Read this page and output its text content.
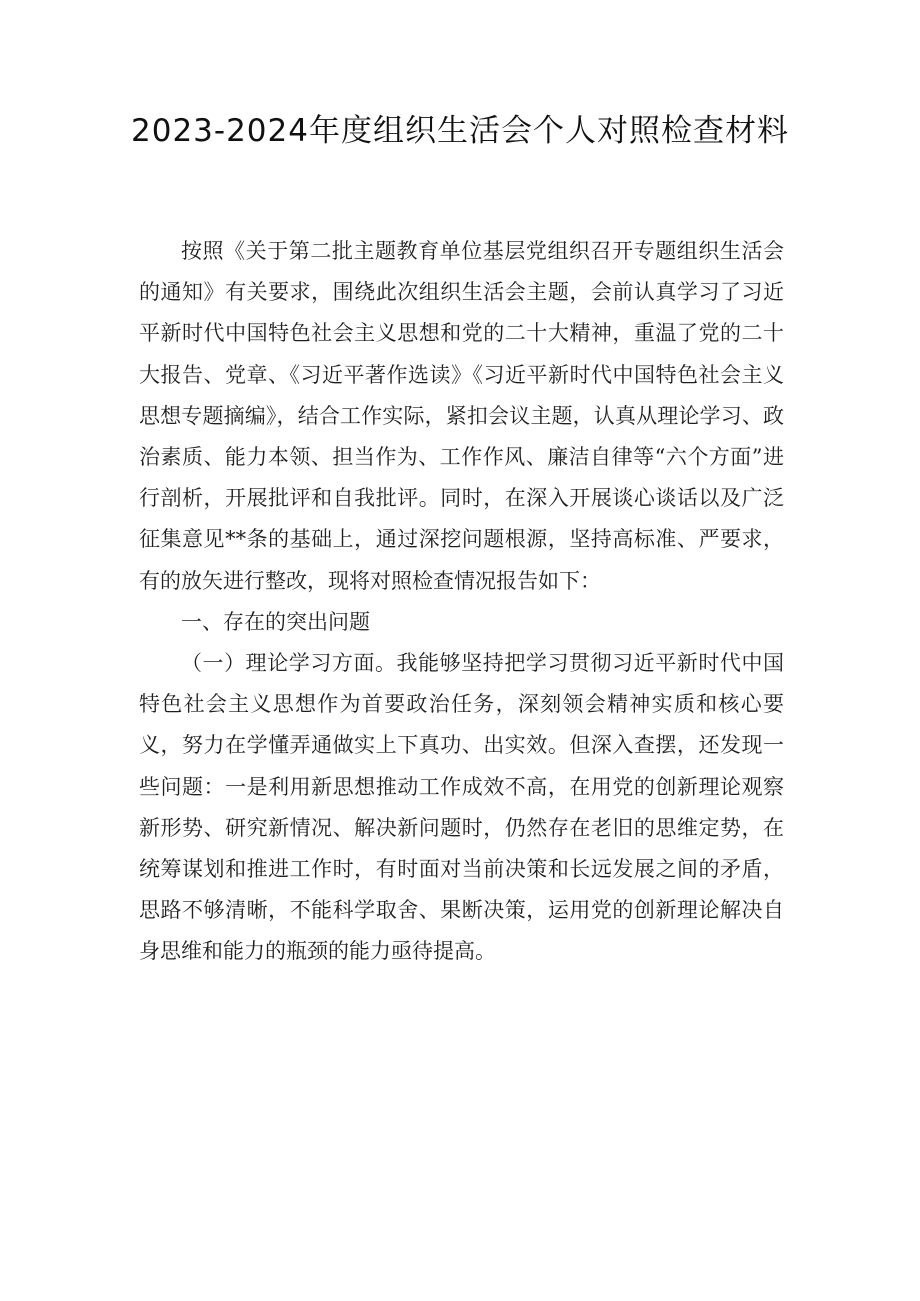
2023-2024年度组织生活会个人对照检查材料

按照《关于第二批主题教育单位基层党组织召开专题组织生活会的通知》有关要求，围绕此次组织生活会主题，会前认真学习了习近平新时代中国特色社会主义思想和党的二十大精神，重温了党的二十大报告、党章、《习近平著作选读》《习近平新时代中国特色社会主义思想专题摘编》，结合工作实际，紧扣会议主题，认真从理论学习、政治素质、能力本领、担当作为、工作作风、廉洁自律等“六个方面”进行剖析，开展批评和自我批评。同时，在深入开展谈心谈话以及广泛征集意见**条的基础上，通过深挖问题根源，坚持高标准、严要求，有的放矢进行整改，现将对照检查情况报告如下：

一、存在的突出问题

（一）理论学习方面。我能够坚持把学习贯彻习近平新时代中国特色社会主义思想作为首要政治任务，深刻领会精神实质和核心要义，努力在学懂弄通做实上下真功、出实效。但深入查摆，还发现一些问题：一是利用新思想推动工作成效不高，在用党的创新理论观察新形势、研究新情况、解决新问题时，仍然存在老旧的思维定势，在统筹谋划和推进工作时，有时面对当前决策和长远发展之间的矛盾，思路不够清晰，不能科学取舍、果断决策，运用党的创新理论解决自身思维和能力的瓶颈的能力亟待提高。
